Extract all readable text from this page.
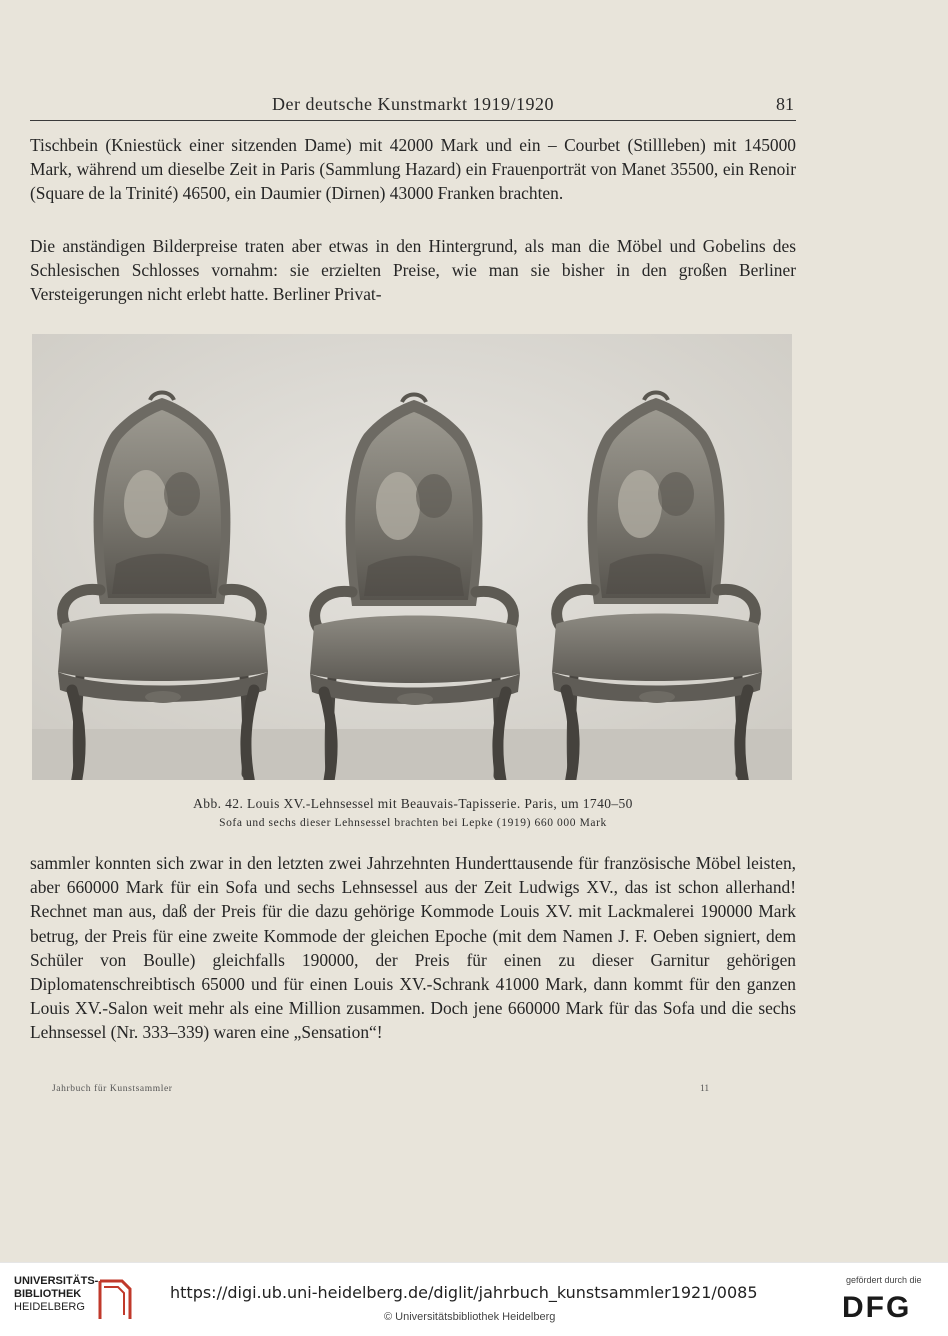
Der deutsche Kunstmarkt 1919/1920	81

Tischbein (Kniestück einer sitzenden Dame) mit 42000 Mark und ein – Courbet (Stillleben) mit 145000 Mark, während um dieselbe Zeit in Paris (Sammlung Hazard) ein Frauenporträt von Manet 35500, ein Renoir (Square de la Trinité) 46500, ein Daumier (Dirnen) 43000 Franken brachten.

Die anständigen Bilderpreise traten aber etwas in den Hintergrund, als man die Möbel und Gobelins des Schlesischen Schlosses vornahm: sie erzielten Preise, wie man sie bisher in den großen Berliner Versteigerungen nicht erlebt hatte. Berliner Privat-

Abb. 42. Louis XV.-Lehnsessel mit Beauvais-Tapisserie. Paris, um 1740–50

Sofa und sechs dieser Lehnsessel brachten bei Lepke (1919) 660 000 Mark

sammler konnten sich zwar in den letzten zwei Jahrzehnten Hunderttausende für französische Möbel leisten, aber 660000 Mark für ein Sofa und sechs Lehnsessel aus der Zeit Ludwigs XV., das ist schon allerhand! Rechnet man aus, daß der Preis für die dazu gehörige Kommode Louis XV. mit Lackmalerei 190000 Mark betrug, der Preis für eine zweite Kommode der gleichen Epoche (mit dem Namen J. F. Oeben signiert, dem Schüler von Boulle) gleichfalls 190000, der Preis für einen zu dieser Garnitur gehörigen Diplomatenschreibtisch 65000 und für einen Louis XV.-Schrank 41000 Mark, dann kommt für den ganzen Louis XV.-Salon weit mehr als eine Million zusammen. Doch jene 660000 Mark für das Sofa und die sechs Lehnsessel (Nr. 333–339) waren eine „Sensation“!

Jahrbuch für Kunstsammler	11
UNIVERSITÄTS-
BIBLIOTHEK
HEIDELBERG
https://digi.ub.uni-heidelberg.de/diglit/jahrbuch_kunstsammler1921/0085
© Universitätsbibliothek Heidelberg
gefördert durch die
DFG
